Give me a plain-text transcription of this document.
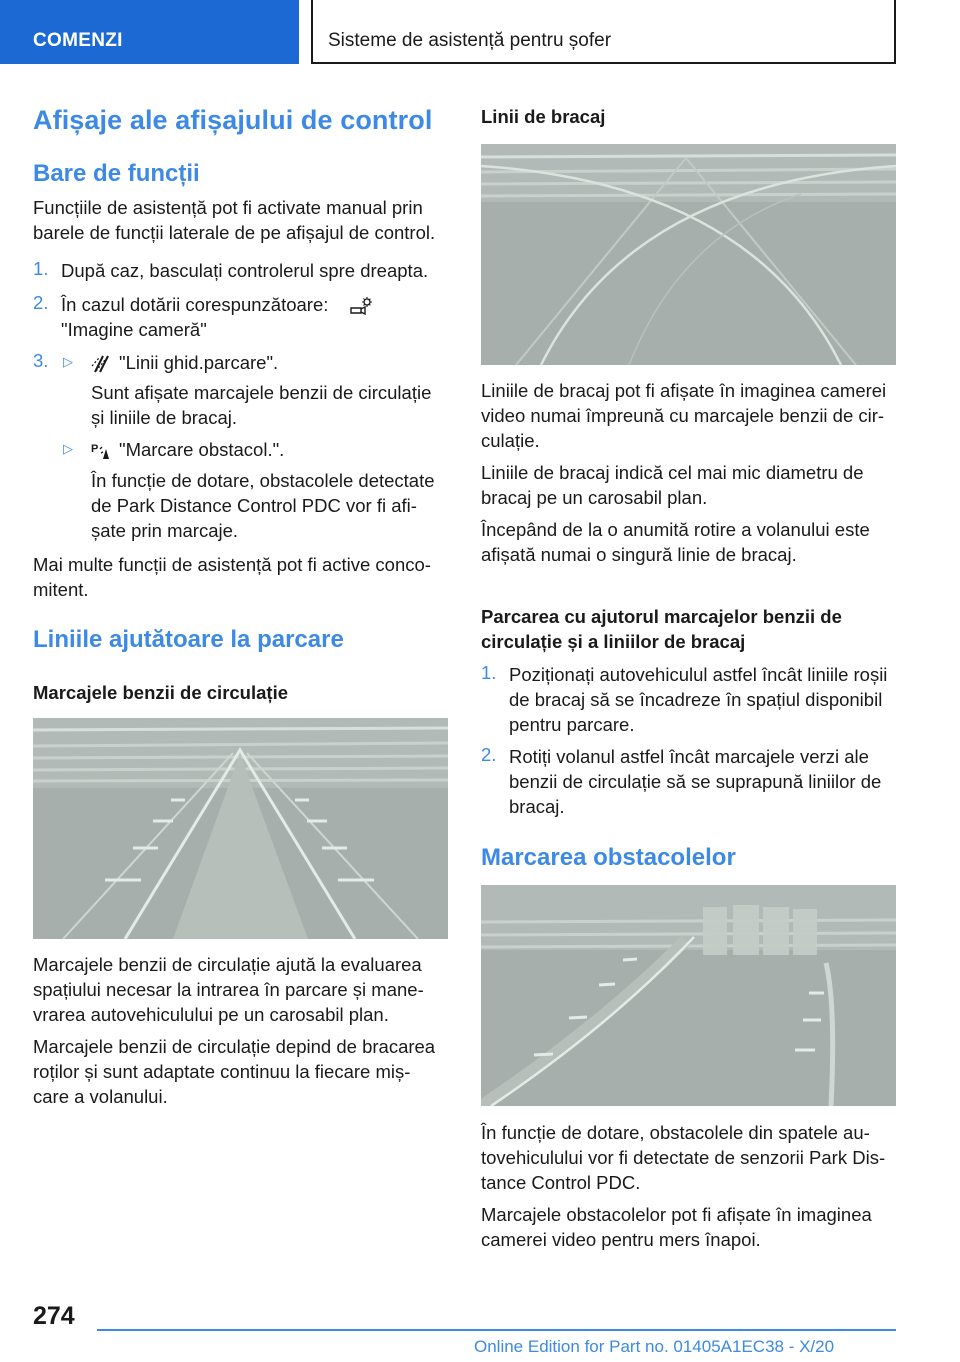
COMENZI	Sisteme de asistență pentru șofer
Afișaje ale afișajului de control
Bare de funcții
Funcțiile de asistență pot fi activate manual prin
barele de funcții laterale de pe afișajul de control.
1. După caz, basculați controlerul spre dreapta.
2. În cazul dotării corespunzătoare:
"Imagine cameră"
3. ▷	"Linii ghid.parcare".
Sunt afișate marcajele benzii de circulație
și liniile de bracaj.
▷ P "Marcare obstacol.".
În funcție de dotare, obstacolele detectate
de Park Distance Control PDC vor fi afi-
șate prin marcaje.
Mai multe funcții de asistență pot fi active conco-
mitent.
Liniile ajutătoare la parcare
Marcajele benzii de circulație
Marcajele benzii de circulație ajută la evaluarea
spațiului necesar la intrarea în parcare și mane-
vrarea autovehiculului pe un carosabil plan.
Marcajele benzii de circulație depind de bracarea
roților și sunt adaptate continuu la fiecare miș-
care a volanului.
Linii de bracaj
Liniile de bracaj pot fi afișate în imaginea camerei
video numai împreună cu marcajele benzii de cir-
culație.
Liniile de bracaj indică cel mai mic diametru de
bracaj pe un carosabil plan.
Începând de la o anumită rotire a volanului este
afișată numai o singură linie de bracaj.
Parcarea cu ajutorul marcajelor benzii de
circulație și a liniilor de bracaj
1. Poziționați autovehiculul astfel încât liniile roșii
de bracaj să se încadreze în spațiul disponibil
pentru parcare.
2. Rotiți volanul astfel încât marcajele verzi ale
benzii de circulație să se suprapună liniilor de
bracaj.
Marcarea obstacolelor
În funcție de dotare, obstacolele din spatele au-
tovehiculului vor fi detectate de senzorii Park Dis-
tance Control PDC.
Marcajele obstacolelor pot fi afișate în imaginea
camerei video pentru mers înapoi.
274
Online Edition for Part no. 01405A1EC38 - X/20
